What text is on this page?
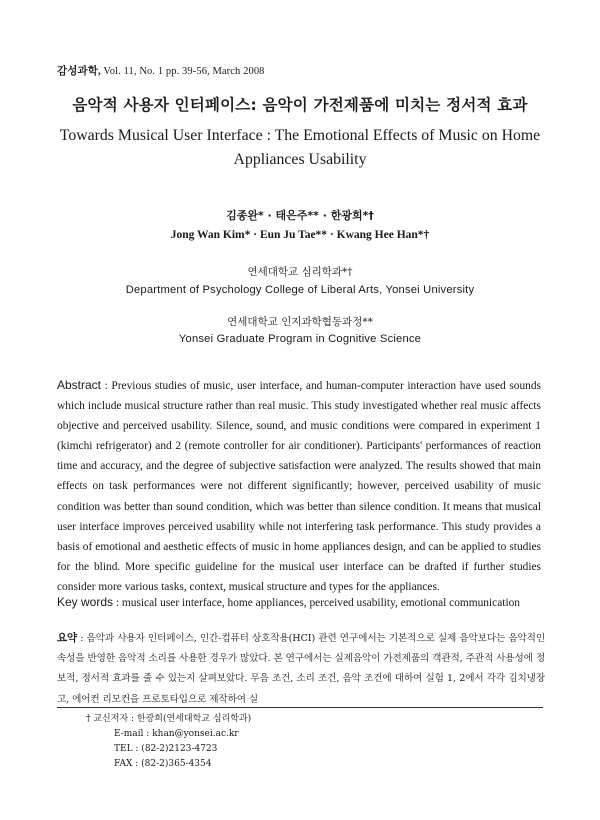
감성과학, Vol. 11, No. 1 pp. 39-56, March 2008
음악적 사용자 인터페이스: 음악이 가전제품에 미치는 정서적 효과
Towards Musical User Interface : The Emotional Effects of Music on Home Appliances Usability
김종완* · 태은주** · 한광희*†
Jong Wan Kim* · Eun Ju Tae** · Kwang Hee Han*†
연세대학교 심리학과*†
Department of Psychology College of Liberal Arts, Yonsei University
연세대학교 인지과학협동과정**
Yonsei Graduate Program in Cognitive Science
Abstract : Previous studies of music, user interface, and human-computer interaction have used sounds which include musical structure rather than real music. This study investigated whether real music affects objective and perceived usability. Silence, sound, and music conditions were compared in experiment 1 (kimchi refrigerator) and 2 (remote controller for air conditioner). Participants' performances of reaction time and accuracy, and the degree of subjective satisfaction were analyzed. The results showed that main effects on task performances were not different significantly; however, perceived usability of music condition was better than sound condition, which was better than silence condition. It means that musical user interface improves perceived usability while not interfering task performance. This study provides a basis of emotional and aesthetic effects of music in home appliances design, and can be applied to studies for the blind. More specific guideline for the musical user interface can be drafted if further studies consider more various tasks, context, musical structure and types for the appliances.
Key words : musical user interface, home appliances, perceived usability, emotional communication
요약 : 음악과 사용자 인터페이스, 인간-컴퓨터 상호작용(HCI) 관련 연구에서는 기본적으로 실제 음악보다는 음악적인 속성을 반영한 음악적 소리를 사용한 경우가 많았다. 본 연구에서는 실제음악이 가전제품의 객관적, 주관적 사용성에 정보적, 정서적 효과를 줄 수 있는지 살펴보았다. 무음 조건, 소리 조건, 음악 조건에 대하여 실험 1, 2에서 각각 김치냉장고, 에어컨 리모컨을 프로토타입으로 제작하여 실
† 교신저자 : 한광희(연세대학교 심리학과)
E-mail : khan@yonsei.ac.kr
TEL : (82-2)2123-4723
FAX : (82-2)365-4354
